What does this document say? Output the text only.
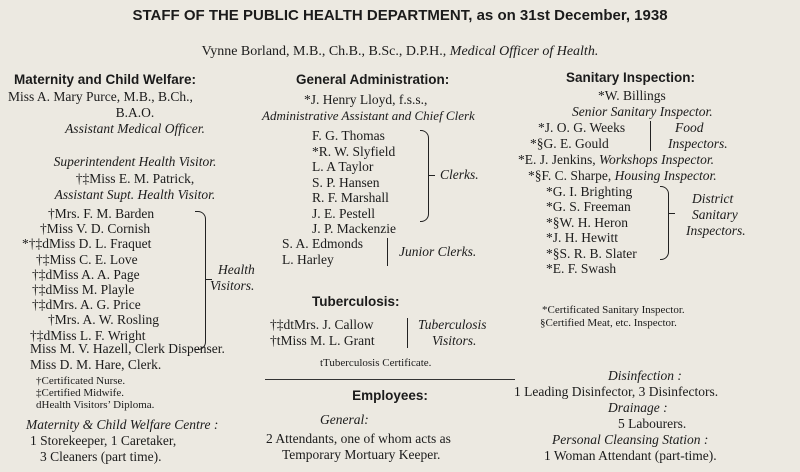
STAFF OF THE PUBLIC HEALTH DEPARTMENT, as on 31st December, 1938
Vynne Borland, M.B., Ch.B., B.Sc., D.P.H., Medical Officer of Health.
Maternity and Child Welfare:
Miss A. Mary Purce, M.B., B.Ch.,
B.A.O.
Assistant Medical Officer.
Superintendent Health Visitor.
†‡Miss E. M. Patrick,
Assistant Supt. Health Visitor.
†Mrs. F. M. Barden
†Miss V. D. Cornish
*†‡dMiss D. L. Fraquet
†‡Miss C. E. Love
†‡dMiss A. A. Page
†‡dMiss M. Playle
†‡dMrs. A. G. Price
†Mrs. A. W. Rosling
†‡dMiss L. F. Wright
Health
Visitors.
Miss M. V. Hazell, Clerk Dispenser.
Miss D. M. Hare, Clerk.
†Certificated Nurse.
‡Certified Midwife.
dHealth Visitors’ Diploma.
Maternity & Child Welfare Centre :
1 Storekeeper, 1 Caretaker,
3 Cleaners (part time).
General Administration:
*J. Henry Lloyd, f.s.s.,
Administrative Assistant and Chief Clerk
F. G. Thomas
*R. W. Slyfield
L. A Taylor
S. P. Hansen
R. F. Marshall
J. E. Pestell
J. P. Mackenzie
Clerks.
S. A. Edmonds
L. Harley
Junior Clerks.
Tuberculosis:
†‡dtMrs. J. Callow
†tMiss M. L. Grant
Tuberculosis
Visitors.
tTuberculosis Certificate.
Employees:
General:
2 Attendants, one of whom acts as
Temporary Mortuary Keeper.
Sanitary Inspection:
*W. Billings
Senior Sanitary Inspector.
*J. O. G. Weeks
*§G. E. Gould
Food
Inspectors.
*E. J. Jenkins, Workshops Inspector.
*§F. C. Sharpe, Housing Inspector.
*G. I. Brighting
*G. S. Freeman
*§W. H. Heron
*J. H. Hewitt
*§S. R. B. Slater
*E. F. Swash
District
Sanitary
Inspectors.
*Certificated Sanitary Inspector.
§Certified Meat, etc. Inspector.
Disinfection :
1 Leading Disinfector, 3 Disinfectors.
Drainage :
5 Labourers.
Personal Cleansing Station :
1 Woman Attendant (part-time).
